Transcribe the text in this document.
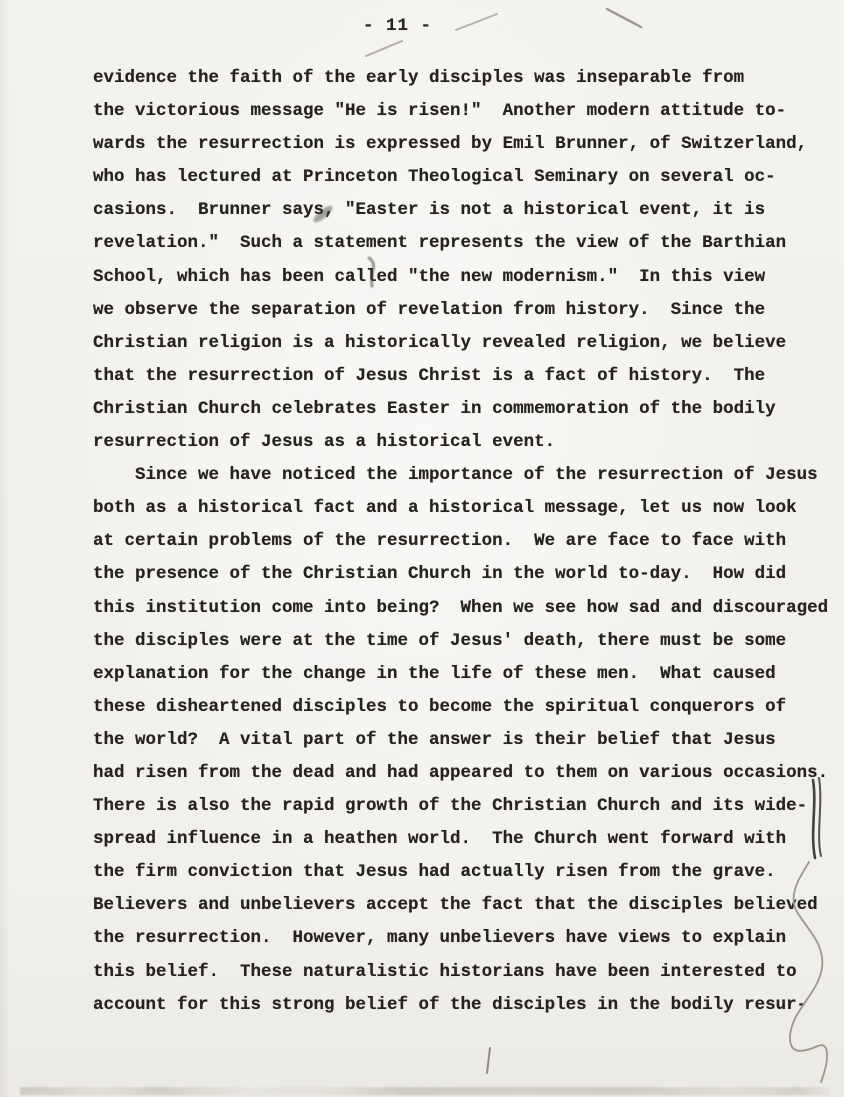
- 11 -
evidence the faith of the early disciples was inseparable from
the victorious message "He is risen!"  Another modern attitude to-
wards the resurrection is expressed by Emil Brunner, of Switzerland,
who has lectured at Princeton Theological Seminary on several oc-
casions.  Brunner says, "Easter is not a historical event, it is
revelation."  Such a statement represents the view of the Barthian
School, which has been called "the new modernism."  In this view
we observe the separation of revelation from history.  Since the
Christian religion is a historically revealed religion, we believe
that the resurrection of Jesus Christ is a fact of history.  The
Christian Church celebrates Easter in commemoration of the bodily
resurrection of Jesus as a historical event.
Since we have noticed the importance of the resurrection of Jesus
both as a historical fact and a historical message, let us now look
at certain problems of the resurrection.  We are face to face with
the presence of the Christian Church in the world to-day.  How did
this institution come into being?  When we see how sad and discouraged
the disciples were at the time of Jesus' death, there must be some
explanation for the change in the life of these men.  What caused
these disheartened disciples to become the spiritual conquerors of
the world?  A vital part of the answer is their belief that Jesus
had risen from the dead and had appeared to them on various occasions.
There is also the rapid growth of the Christian Church and its wide-
spread influence in a heathen world.  The Church went forward with
the firm conviction that Jesus had actually risen from the grave.
Believers and unbelievers accept the fact that the disciples believed
the resurrection.  However, many unbelievers have views to explain
this belief.  These naturalistic historians have been interested to
account for this strong belief of the disciples in the bodily resur-
